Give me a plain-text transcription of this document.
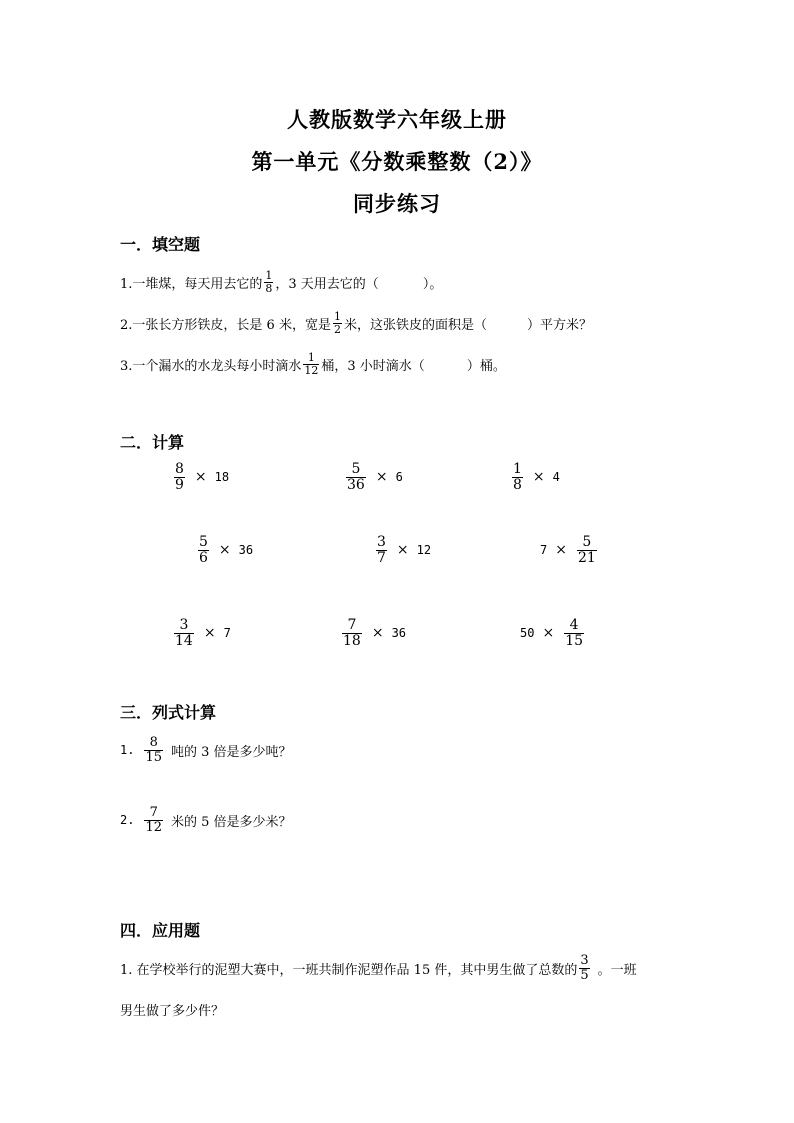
人教版数学六年级上册
第一单元《分数乘整数（2）》
同步练习
一．填空题
1.一堆煤，每天用去它的 $\frac{1}{8}$ ，3 天用去它的（	）。
2.一张长方形铁皮，长是 6 米，宽是 $\frac{1}{2}$ 米，这张铁皮的面积是（	）平方米？
3.一个漏水的水龙头每小时滴水 $\frac{1}{12}$ 桶，3 小时滴水（	）桶。
二．计算
$\frac{8}{9} \times 18$	$\frac{5}{36} \times 6$	$\frac{1}{8} \times 4$
$\frac{5}{6} \times 36$	$\frac{3}{7} \times 12$	$7 \times \frac{5}{21}$
$\frac{3}{14} \times 7$	$\frac{7}{18} \times 36$	$50 \times \frac{4}{15}$
三．列式计算
1. $\frac{8}{15}$ 吨的 3 倍是多少吨？
2. $\frac{7}{12}$ 米的 5 倍是多少米？
四．应用题
1. 在学校举行的泥塑大赛中，一班共制作泥塑作品 15 件，其中男生做了总数的 $\frac{3}{5}$ 。一班
男生做了多少件？
